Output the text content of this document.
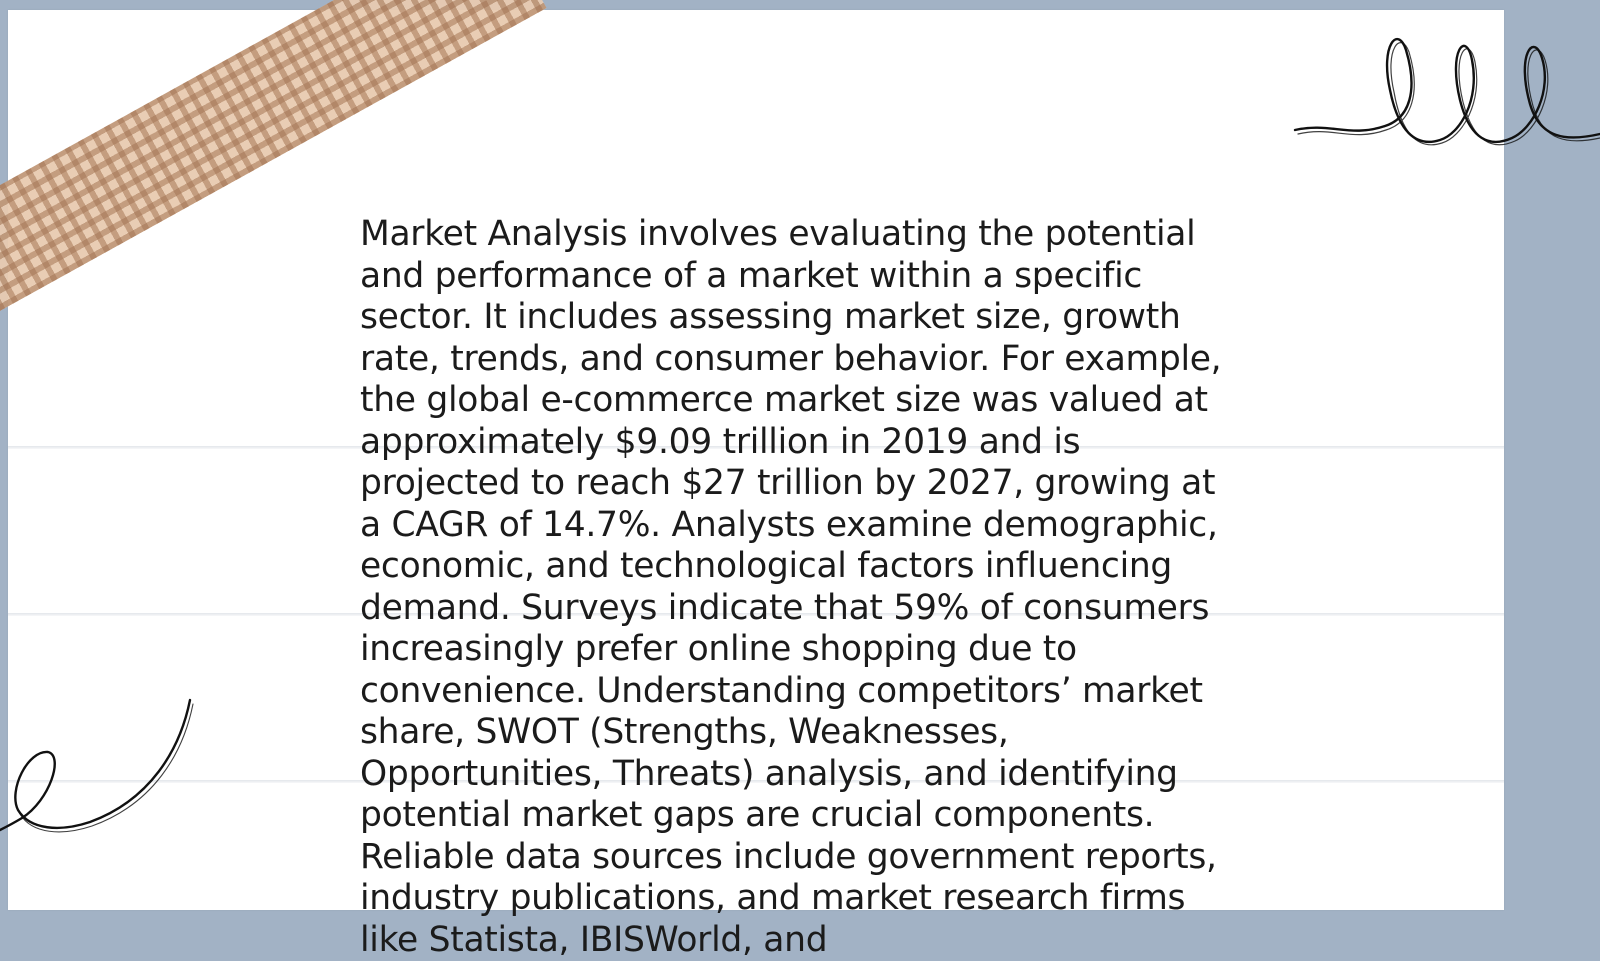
Market Analysis involves evaluating the potential and performance of a market within a specific sector. It includes assessing market size, growth rate, trends, and consumer behavior. For example, the global e-commerce market size was valued at approximately $9.09 trillion in 2019 and is projected to reach $27 trillion by 2027, growing at a CAGR of 14.7%. Analysts examine demographic, economic, and technological factors influencing demand. Surveys indicate that 59% of consumers increasingly prefer online shopping due to convenience. Understanding competitors’ market share, SWOT (Strengths, Weaknesses, Opportunities, Threats) analysis, and identifying potential market gaps are crucial components. Reliable data sources include government reports, industry publications, and market research firms like Statista, IBISWorld, and
